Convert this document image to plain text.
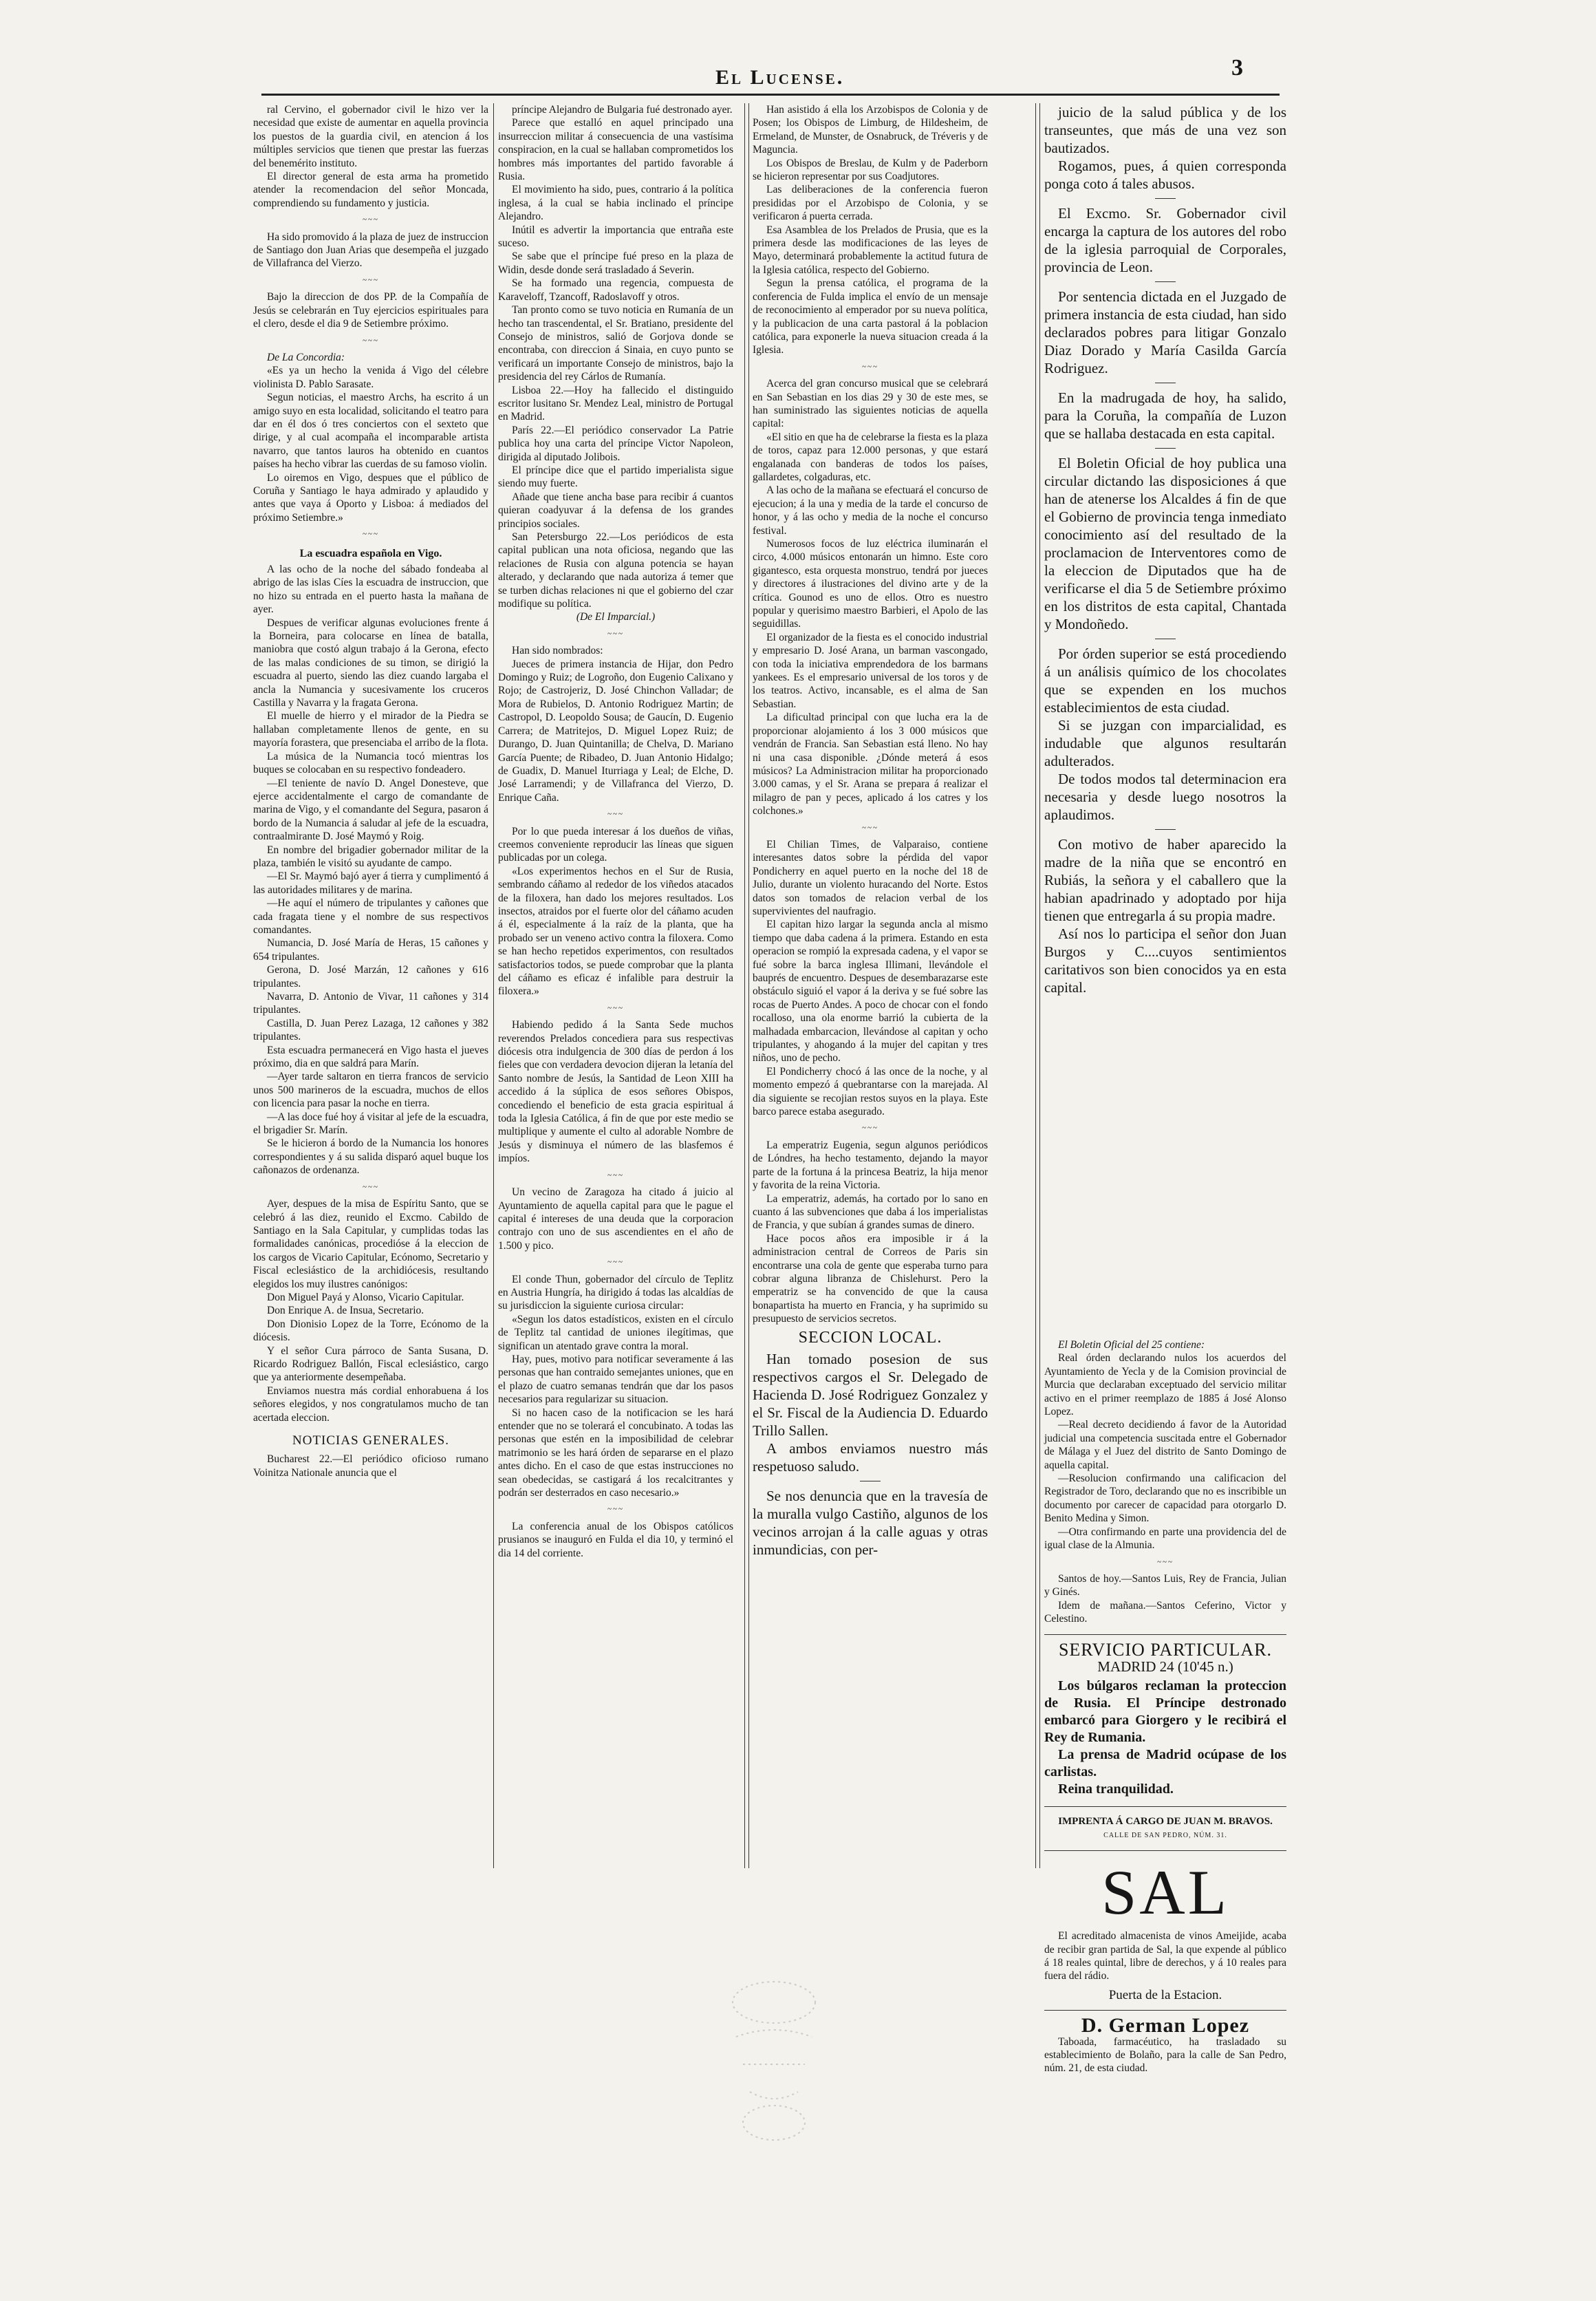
El Lucense.	3

ral Cervino, el gobernador civil le hizo ver la necesidad que existe de aumentar en aquella provincia los puestos de la guardia civil, en atencion á los múltiples servicios que tienen que prestar las fuerzas del benemérito instituto.

El director general de esta arma ha prometido atender la recomendacion del señor Moncada, comprendiendo su fundamento y justicia.

~~~

Ha sido promovido á la plaza de juez de instruccion de Santiago don Juan Arias que desempeña el juzgado de Villafranca del Vierzo.

~~~

Bajo la direccion de dos PP. de la Compañía de Jesús se celebrarán en Tuy ejercicios espirituales para el clero, desde el dia 9 de Setiembre próximo.

~~~

De La Concordia:

«Es ya un hecho la venida á Vigo del célebre violinista D. Pablo Sarasate.

Segun noticias, el maestro Archs, ha escrito á un amigo suyo en esta localidad, solicitando el teatro para dar en él dos ó tres conciertos con el sexteto que dirige, y al cual acompaña el incomparable artista navarro, que tantos lauros ha obtenido en cuantos países ha hecho vibrar las cuerdas de su famoso violin.

Lo oiremos en Vigo, despues que el público de Coruña y Santiago le haya admirado y aplaudido y antes que vaya á Oporto y Lisboa: á mediados del próximo Setiembre.»

~~~
La escuadra española en Vigo.

A las ocho de la noche del sábado fondeaba al abrigo de las islas Cíes la escuadra de instruccion, que no hizo su entrada en el puerto hasta la mañana de ayer.

Despues de verificar algunas evoluciones frente á la Borneira, para colocarse en línea de batalla, maniobra que costó algun trabajo á la Gerona, efecto de las malas condiciones de su timon, se dirigió la escuadra al puerto, siendo las diez cuando largaba el ancla la Numancia y sucesivamente los cruceros Castilla y Navarra y la fragata Gerona.

El muelle de hierro y el mirador de la Piedra se hallaban completamente llenos de gente, en su mayoría forastera, que presenciaba el arribo de la flota.

La música de la Numancia tocó mientras los buques se colocaban en su respectivo fondeadero.

—El teniente de navío D. Angel Donesteve, que ejerce accidentalmente el cargo de comandante de marina de Vigo, y el comandante del Segura, pasaron á bordo de la Numancia á saludar al jefe de la escuadra, contraalmirante D. José Maymó y Roig.

En nombre del brigadier gobernador militar de la plaza, también le visitó su ayudante de campo.

—El Sr. Maymó bajó ayer á tierra y cumplimentó á las autoridades militares y de marina.

—He aquí el número de tripulantes y cañones que cada fragata tiene y el nombre de sus respectivos comandantes.

Numancia, D. José María de Heras, 15 cañones y 654 tripulantes.

Gerona, D. José Marzán, 12 cañones y 616 tripulantes.

Navarra, D. Antonio de Vivar, 11 cañones y 314 tripulantes.

Castilla, D. Juan Perez Lazaga, 12 cañones y 382 tripulantes.

Esta escuadra permanecerá en Vigo hasta el jueves próximo, dia en que saldrá para Marín.

—Ayer tarde saltaron en tierra francos de servicio unos 500 marineros de la escuadra, muchos de ellos con licencia para pasar la noche en tierra.

—A las doce fué hoy á visitar al jefe de la escuadra, el brigadier Sr. Marín.

Se le hicieron á bordo de la Numancia los honores correspondientes y á su salida disparó aquel buque los cañonazos de ordenanza.

~~~

Ayer, despues de la misa de Espíritu Santo, que se celebró á las diez, reunido el Excmo. Cabildo de Santiago en la Sala Capitular, y cumplidas todas las formalidades canónicas, procedióse á la eleccion de los cargos de Vicario Capitular, Ecónomo, Secretario y Fiscal eclesiástico de la archidiócesis, resultando elegidos los muy ilustres canónigos:

Don Miguel Payá y Alonso, Vicario Capitular.

Don Enrique A. de Insua, Secretario.

Don Dionisio Lopez de la Torre, Ecónomo de la diócesis.

Y el señor Cura párroco de Santa Susana, D. Ricardo Rodriguez Ballón, Fiscal eclesiástico, cargo que ya anteriormente desempeñaba.

Enviamos nuestra más cordial enhorabuena á los señores elegidos, y nos congratulamos mucho de tan acertada eleccion.

NOTICIAS GENERALES.

Bucharest 22.—El periódico oficioso rumano Voinitza Nationale anuncia que el

príncipe Alejandro de Bulgaria fué destronado ayer.

Parece que estalló en aquel principado una insurreccion militar á consecuencia de una vastísima conspiracion, en la cual se hallaban comprometidos los hombres más importantes del partido favorable á Rusia.

El movimiento ha sido, pues, contrario á la política inglesa, á la cual se habia inclinado el príncipe Alejandro.

Inútil es advertir la importancia que entraña este suceso.

Se sabe que el príncipe fué preso en la plaza de Widin, desde donde será trasladado á Severin.

Se ha formado una regencia, compuesta de Karaveloff, Tzancoff, Radoslavoff y otros.

Tan pronto como se tuvo noticia en Rumanía de un hecho tan trascendental, el Sr. Bratiano, presidente del Consejo de ministros, salió de Gorjova donde se encontraba, con direccion á Sinaia, en cuyo punto se verificará un importante Consejo de ministros, bajo la presidencia del rey Cárlos de Rumanía.

Lisboa 22.—Hoy ha fallecido el distinguido escritor lusitano Sr. Mendez Leal, ministro de Portugal en Madrid.

París 22.—El periódico conservador La Patrie publica hoy una carta del príncipe Victor Napoleon, dirigida al diputado Jolibois.

El príncipe dice que el partido imperialista sigue siendo muy fuerte.

Añade que tiene ancha base para recibir á cuantos quieran coadyuvar á la defensa de los grandes principios sociales.

San Petersburgo 22.—Los periódicos de esta capital publican una nota oficiosa, negando que las relaciones de Rusia con alguna potencia se hayan alterado, y declarando que nada autoriza á temer que se turben dichas relaciones ni que el gobierno del czar modifique su política.

(De El Imparcial.)

~~~

Han sido nombrados:

Jueces de primera instancia de Hijar, don Pedro Domingo y Ruiz; de Logroño, don Eugenio Calixano y Rojo; de Castrojeriz, D. José Chinchon Valladar; de Mora de Rubielos, D. Antonio Rodriguez Martin; de Castropol, D. Leopoldo Sousa; de Gaucín, D. Eugenio Carrera; de Matritejos, D. Miguel Lopez Ruiz; de Durango, D. Juan Quintanilla; de Chelva, D. Mariano García Puente; de Ribadeo, D. Juan Antonio Hidalgo; de Guadix, D. Manuel Iturriaga y Leal; de Elche, D. José Larramendi; y de Villafranca del Vierzo, D. Enrique Caña.

~~~

Por lo que pueda interesar á los dueños de viñas, creemos conveniente reproducir las líneas que siguen publicadas por un colega.

«Los experimentos hechos en el Sur de Rusia, sembrando cáñamo al rededor de los viñedos atacados de la filoxera, han dado los mejores resultados. Los insectos, atraidos por el fuerte olor del cáñamo acuden á él, especialmente á la raíz de la planta, que ha probado ser un veneno activo contra la filoxera. Como se han hecho repetidos experimentos, con resultados satisfactorios todos, se puede comprobar que la planta del cáñamo es eficaz é infalible para destruir la filoxera.»

~~~

Habiendo pedido á la Santa Sede muchos reverendos Prelados concediera para sus respectivas diócesis otra indulgencia de 300 días de perdon á los fieles que con verdadera devocion dijeran la letanía del Santo nombre de Jesús, la Santidad de Leon XIII ha accedido á la súplica de esos señores Obispos, concediendo el beneficio de esta gracia espiritual á toda la Iglesia Católica, á fin de que por este medio se multiplique y aumente el culto al adorable Nombre de Jesús y disminuya el número de las blasfemos é impíos.

~~~

Un vecino de Zaragoza ha citado á juicio al Ayuntamiento de aquella capital para que le pague el capital é intereses de una deuda que la corporacion contrajo con uno de sus ascendientes en el año de 1.500 y pico.

~~~

El conde Thun, gobernador del círculo de Teplitz en Austria Hungría, ha dirigido á todas las alcaldías de su jurisdiccion la siguiente curiosa circular:

«Segun los datos estadísticos, existen en el círculo de Teplitz tal cantidad de uniones ilegítimas, que significan un atentado grave contra la moral.

Hay, pues, motivo para notificar severamente á las personas que han contraido semejantes uniones, que en el plazo de cuatro semanas tendrán que dar los pasos necesarios para regularizar su situacion.

Si no hacen caso de la notificacion se les hará entender que no se tolerará el concubinato. A todas las personas que estén en la imposibilidad de celebrar matrimonio se les hará órden de separarse en el plazo antes dicho. En el caso de que estas instrucciones no sean obedecidas, se castigará á los recalcitrantes y podrán ser desterrados en caso necesario.»

~~~

La conferencia anual de los Obispos católicos prusianos se inauguró en Fulda el dia 10, y terminó el dia 14 del corriente.

Han asistido á ella los Arzobispos de Colonia y de Posen; los Obispos de Limburg, de Hildesheim, de Ermeland, de Munster, de Osnabruck, de Tréveris y de Maguncia.

Los Obispos de Breslau, de Kulm y de Paderborn se hicieron representar por sus Coadjutores.

Las deliberaciones de la conferencia fueron presididas por el Arzobispo de Colonia, y se verificaron á puerta cerrada.

Esa Asamblea de los Prelados de Prusia, que es la primera desde las modificaciones de las leyes de Mayo, determinará probablemente la actitud futura de la Iglesia católica, respecto del Gobierno.

Segun la prensa católica, el programa de la conferencia de Fulda implica el envío de un mensaje de reconocimiento al emperador por su nueva política, y la publicacion de una carta pastoral á la poblacion católica, para exponerle la nueva situacion creada á la Iglesia.

~~~

Acerca del gran concurso musical que se celebrará en San Sebastian en los dias 29 y 30 de este mes, se han suministrado las siguientes noticias de aquella capital:

«El sitio en que ha de celebrarse la fiesta es la plaza de toros, capaz para 12.000 personas, y que estará engalanada con banderas de todos los países, gallardetes, colgaduras, etc.

A las ocho de la mañana se efectuará el concurso de ejecucion; á la una y media de la tarde el concurso de honor, y á las ocho y media de la noche el concurso festival.

Numerosos focos de luz eléctrica iluminarán el circo, 4.000 músicos entonarán un himno. Este coro gigantesco, esta orquesta monstruo, tendrá por jueces y directores á ilustraciones del divino arte y de la crítica. Gounod es uno de ellos. Otro es nuestro popular y querisimo maestro Barbieri, el Apolo de las seguidillas.

El organizador de la fiesta es el conocido industrial y empresario D. José Arana, un barman vascongado, con toda la iniciativa emprendedora de los barmans yankees. Es el empresario universal de los toros y de los teatros. Activo, incansable, es el alma de San Sebastian.

La dificultad principal con que lucha era la de proporcionar alojamiento á los 3 000 músicos que vendrán de Francia. San Sebastian está lleno. No hay ni una casa disponible. ¿Dónde meterá á esos músicos? La Administracion militar ha proporcionado 3.000 camas, y el Sr. Arana se prepara á realizar el milagro de pan y peces, aplicado á los catres y los colchones.»

~~~

El Chilian Times, de Valparaiso, contiene interesantes datos sobre la pérdida del vapor Pondicherry en aquel puerto en la noche del 18 de Julio, durante un violento huracando del Norte. Estos datos son tomados de relacion verbal de los supervivientes del naufragio.

El capitan hizo largar la segunda ancla al mismo tiempo que daba cadena á la primera. Estando en esta operacion se rompió la expresada cadena, y el vapor se fué sobre la barca inglesa Illimani, llevándole el bauprés de encuentro. Despues de desembarazarse este obstáculo siguió el vapor á la deriva y se fué sobre las rocas de Puerto Andes. A poco de chocar con el fondo rocalloso, una ola enorme barrió la cubierta de la malhadada embarcacion, llevándose al capitan y ocho tripulantes, y ahogando á la mujer del capitan y tres niños, uno de pecho.

El Pondicherry chocó á las once de la noche, y al momento empezó á quebrantarse con la marejada. Al dia siguiente se recojian restos suyos en la playa. Este barco parece estaba asegurado.

~~~

La emperatriz Eugenia, segun algunos periódicos de Lóndres, ha hecho testamento, dejando la mayor parte de la fortuna á la princesa Beatriz, la hija menor y favorita de la reina Victoria.

La emperatriz, además, ha cortado por lo sano en cuanto á las subvenciones que daba á los imperialistas de Francia, y que subían á grandes sumas de dinero.

Hace pocos años era imposible ir á la administracion central de Correos de Paris sin encontrarse una cola de gente que esperaba turno para cobrar alguna libranza de Chislehurst. Pero la emperatriz se ha convencido de que la causa bonapartista ha muerto en Francia, y ha suprimido su presupuesto de servicios secretos.

SECCION LOCAL.

Han tomado posesion de sus respectivos cargos el Sr. Delegado de Hacienda D. José Rodriguez Gonzalez y el Sr. Fiscal de la Audiencia D. Eduardo Trillo Sallen.

A ambos enviamos nuestro más respetuoso saludo.

Se nos denuncia que en la travesía de la muralla vulgo Castiño, algunos de los vecinos arrojan á la calle aguas y otras inmundicias, con per-

juicio de la salud pública y de los transeuntes, que más de una vez son bautizados.

Rogamos, pues, á quien corresponda ponga coto á tales abusos.

El Excmo. Sr. Gobernador civil encarga la captura de los autores del robo de la iglesia parroquial de Corporales, provincia de Leon.

Por sentencia dictada en el Juzgado de primera instancia de esta ciudad, han sido declarados pobres para litigar Gonzalo Diaz Dorado y María Casilda García Rodriguez.

En la madrugada de hoy, ha salido, para la Coruña, la compañía de Luzon que se hallaba destacada en esta capital.

El Boletin Oficial de hoy publica una circular dictando las disposiciones á que han de atenerse los Alcaldes á fin de que el Gobierno de provincia tenga inmediato conocimiento así del resultado de la proclamacion de Interventores como de la eleccion de Diputados que ha de verificarse el dia 5 de Setiembre próximo en los distritos de esta capital, Chantada y Mondoñedo.

Por órden superior se está procediendo á un análisis químico de los chocolates que se expenden en los muchos establecimientos de esta ciudad.

Si se juzgan con imparcialidad, es indudable que algunos resultarán adulterados.

De todos modos tal determinacion era necesaria y desde luego nosotros la aplaudimos.

Con motivo de haber aparecido la madre de la niña que se encontró en Rubiás, la señora y el caballero que la habian apadrinado y adoptado por hija tienen que entregarla á su propia madre.

Así nos lo participa el señor don Juan Burgos y C....cuyos sentimientos caritativos son bien conocidos ya en esta capital.

El Boletin Oficial del 25 contiene:

Real órden declarando nulos los acuerdos del Ayuntamiento de Yecla y de la Comision provincial de Murcia que declaraban exceptuado del servicio militar activo en el primer reemplazo de 1885 á José Alonso Lopez.

—Real decreto decidiendo á favor de la Autoridad judicial una competencia suscitada entre el Gobernador de Málaga y el Juez del distrito de Santo Domingo de aquella capital.

—Resolucion confirmando una calificacion del Registrador de Toro, declarando que no es inscribible un documento por carecer de capacidad para otorgarlo D. Benito Medina y Simon.

—Otra confirmando en parte una providencia del de igual clase de la Almunia.

~~~

Santos de hoy.—Santos Luis, Rey de Francia, Julian y Ginés.

Idem de mañana.—Santos Ceferino, Victor y Celestino.

SERVICIO PARTICULAR.
MADRID 24 (10'45 n.)

Los búlgaros reclaman la proteccion de Rusia. El Príncipe destronado embarcó para Giorgero y le recibirá el Rey de Rumania.

La prensa de Madrid ocúpase de los carlistas.

Reina tranquilidad.

IMPRENTA Á CARGO DE JUAN M. BRAVOS.
CALLE DE SAN PEDRO, NÚM. 31.
SAL

El acreditado almacenista de vinos Ameijide, acaba de recibir gran partida de Sal, la que expende al público á 18 reales quintal, libre de derechos, y á 10 reales para fuera del rádio.

Puerta de la Estacion.
D. German Lopez

Taboada, farmacéutico, ha trasladado su establecimiento de Bolaño, para la calle de San Pedro, núm. 21, de esta ciudad.
